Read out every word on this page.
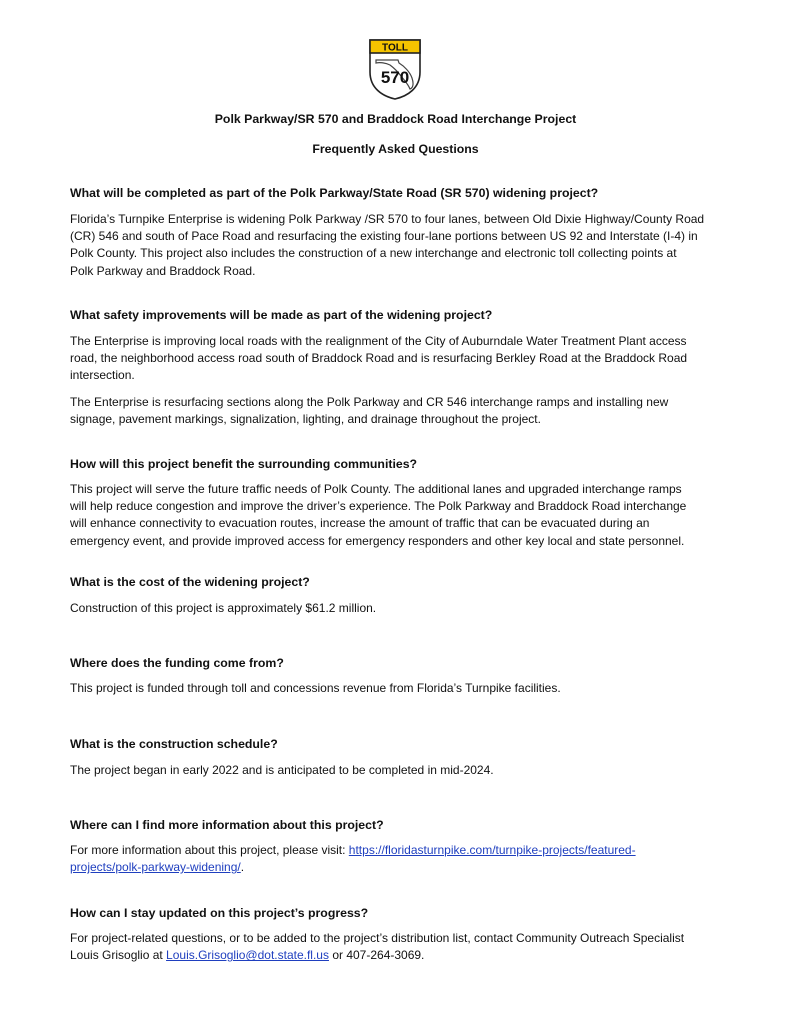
TOLL
570
Polk Parkway/SR 570 and Braddock Road Interchange Project
Frequently Asked Questions
What will be completed as part of the Polk Parkway/State Road (SR 570) widening project?
Florida’s Turnpike Enterprise is widening Polk Parkway /SR 570 to four lanes, between Old Dixie Highway/County Road
(CR) 546 and south of Pace Road and resurfacing the existing four-lane portions between US 92 and Interstate (I-4) in
Polk County. This project also includes the construction of a new interchange and electronic toll collecting points at
Polk Parkway and Braddock Road.
What safety improvements will be made as part of the widening project?
The Enterprise is improving local roads with the realignment of the City of Auburndale Water Treatment Plant access
road, the neighborhood access road south of Braddock Road and is resurfacing Berkley Road at the Braddock Road
intersection.
The Enterprise is resurfacing sections along the Polk Parkway and CR 546 interchange ramps and installing new
signage, pavement markings, signalization, lighting, and drainage throughout the project.
How will this project benefit the surrounding communities?
This project will serve the future traffic needs of Polk County. The additional lanes and upgraded interchange ramps
will help reduce congestion and improve the driver’s experience. The Polk Parkway and Braddock Road interchange
will enhance connectivity to evacuation routes, increase the amount of traffic that can be evacuated during an
emergency event, and provide improved access for emergency responders and other key local and state personnel.
What is the cost of the widening project?
Construction of this project is approximately $61.2 million.
Where does the funding come from?
This project is funded through toll and concessions revenue from Florida’s Turnpike facilities.
What is the construction schedule?
The project began in early 2022 and is anticipated to be completed in mid-2024.
Where can I find more information about this project?
For more information about this project, please visit: https://floridasturnpike.com/turnpike-projects/featured-
projects/polk-parkway-widening/.
How can I stay updated on this project’s progress?
For project-related questions, or to be added to the project’s distribution list, contact Community Outreach Specialist
Louis Grisoglio at Louis.Grisoglio@dot.state.fl.us or 407-264-3069.
